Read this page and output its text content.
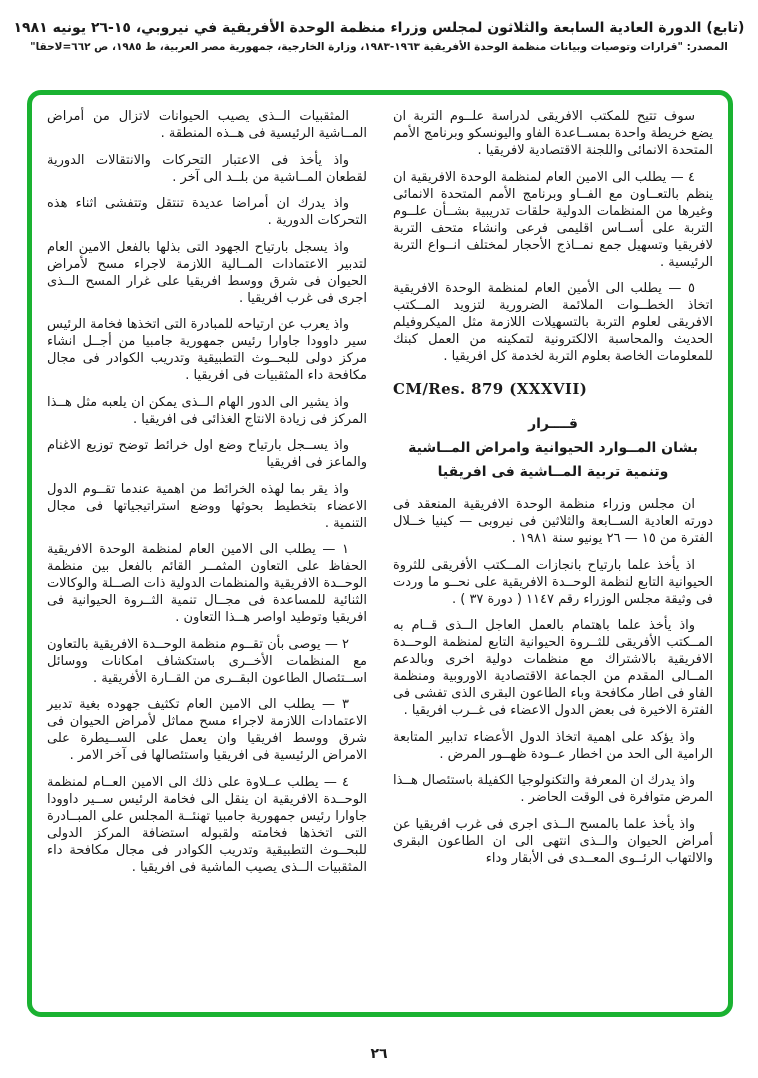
(تابع) الدورة العادية السابعة والثلاثون لمجلس وزراء منظمة الوحدة الأفريقية في نيروبي، ١٥-٢٦ يونيه ١٩٨١
المصدر: "قرارات وتوصيات وبيانات منظمة الوحدة الأفريقية ١٩٦٣-١٩٨٣، وزارة الخارجية، جمهورية مصر العربية، ط ١٩٨٥، ص ٦٦٢=لاحقا"

سوف تتيح للمكتب الافريقى لدراسة علــوم التربة ان يضع خريطة واحدة بمســاعدة الفاو واليونسكو وبرنامج الأمم المتحدة الانمائى واللجنة الاقتصادية لافريقيا .

٤ — يطلب الى الامين العام لمنظمة الوحدة الافريقية ان ينظم بالتعــاون مع الفــاو وبرنامج الأمم المتحدة الانمائى وغيرها من المنظمات الدولية حلقات تدريبية بشــأن علــوم التربة على أســاس اقليمى فرعى وانشاء متحف التربة لافريقيا وتسهيل جمع نمــاذج الأحجار لمختلف انــواع التربة الرئيسية .

٥ — يطلب الى الأمين العام لمنظمة الوحدة الافريقية اتخاذ الخطــوات الملائمة الضرورية لتزويد المــكتب الافريقى لعلوم التربة بالتسهيلات اللازمة مثل الميكروفيلم الحديث والمحاسبة الالكترونية لتمكينه من العمل كبنك للمعلومات الخاصة بعلوم التربة لخدمة كل افريقيا .

CM/Res. 879 (XXXVII)
قــــرار
بشان المــوارد الحيوانية وامراض المــاشية
وتنمية تربية المــاشية فى افريقيا

ان مجلس وزراء منظمة الوحدة الافريقية المنعقد فى دورته العادية الســابعة والثلاثين فى نيروبى — كينيا خــلال الفترة من ١٥ — ٢٦ يونيو سنة ١٩٨١ .

اذ يأخذ علما بارتياح بانجازات المــكتب الأفريقى للثروة الحيوانية التابع لنظمة الوحــدة الافريقية على نحــو ما وردت فى وثيقة مجلس الوزراء رقم ١١٤٧ ( دورة ٣٧ ) .

واذ يأخذ علما باهتمام بالعمل العاجل الــذى قــام به المــكتب الأفريقى للثــروة الحيوانية التابع لمنظمة الوحــدة الافريقية بالاشتراك مع منظمات دولية اخرى وبالدعم المــالى المقدم من الجماعة الاقتصادية الاوروبية ومنظمة الفاو فى اطار مكافحة وباء الطاعون البقرى الذى تفشى فى الفترة الاخيرة فى بعض الدول الاعضاء فى غــرب افريقيا .

واذ يؤكد على اهمية اتخاذ الدول الأعضاء تدابير المتابعة الرامية الى الحد من اخطار عــودة ظهــور المرض .

واذ يدرك ان المعرفة والتكنولوجيا الكفيلة باستئصال هــذا المرض متوافرة فى الوقت الحاضر .

واذ يأخذ علما بالمسح الــذى اجرى فى غرب افريقيا عن أمراض الحيوان والــذى انتهى الى ان الطاعون البقرى والالتهاب الرئــوى المعــدى فى الأبقار وداء

المثقبيات الــذى يصيب الحيوانات لاتزال من أمراض المــاشية الرئيسية فى هــذه المنطقة .

واذ يأخذ فى الاعتبار التحركات والانتقالات الدورية لقطعان المــاشية من بلــد الى آخر .

واذ يدرك ان أمراضا عديدة تنتقل وتتفشى اثناء هذه التحركات الدورية .

واذ يسجل بارتياح الجهود التى بذلها بالفعل الامين العام لتدبير الاعتمادات المــالية اللازمة لاجراء مسح لأمراض الحيوان فى شرق ووسط افريقيا على غرار المسح الــذى اجرى فى غرب افريقيا .

واذ يعرب عن ارتياحه للمبادرة التى اتخذها فخامة الرئيس سير داوودا جاوارا رئيس جمهورية جامبيا من أجــل انشاء مركز دولى للبحــوث التطبيقية وتدريب الكوادر فى مجال مكافحة داء المثقبيات فى افريقيا .

واذ يشير الى الدور الهام الــذى يمكن ان يلعبه مثل هــذا المركز فى زيادة الانتاج الغذائى فى افريقيا .

واذ يســجل بارتياح وضع اول خرائط توضح توزيع الاغنام والماعز فى افريقيا

واذ يقر بما لهذه الخرائط من اهمية عندما تقــوم الدول الاعضاء بتخطيط بحوثها ووضع استراتيجياتها فى مجال التنمية .

١ — يطلب الى الامين العام لمنظمة الوحدة الافريقية الحفاظ على التعاون المثمــر القائم بالفعل بين منظمة الوحــدة الافريقية والمنظمات الدولية ذات الصــلة والوكالات الثنائية للمساعدة فى مجــال تنمية الثــروة الحيوانية فى افريقيا وتوطيد اواصر هــذا التعاون .

٢ — يوصى بأن تقــوم منظمة الوحــدة الافريقية بالتعاون مع المنظمات الأخــرى باستكشاف امكانات ووسائل اســتئصال الطاعون البقــرى من القــارة الأفريقية .

٣ — يطلب الى الامين العام تكثيف جهوده بغية تدبير الاعتمادات اللازمة لاجراء مسح مماثل لأمراض الحيوان فى شرق ووسط افريقيا وان يعمل على الســيطرة على الامراض الرئيسية فى افريقيا واستئصالها فى آخر الامر .

٤ — يطلب عــلاوة على ذلك الى الامين العــام لمنظمة الوحــدة الافريقية ان ينقل الى فخامة الرئيس ســير داوودا جاوارا رئيس جمهورية جامبيا تهنئــة المجلس على المبــادرة التى اتخذها فخامته ولقبوله استضافة المركز الدولى للبحــوث التطبيقية وتدريب الكوادر فى مجال مكافحة داء المثقبيات الــذى يصيب الماشية فى افريقيا .

٢٦
